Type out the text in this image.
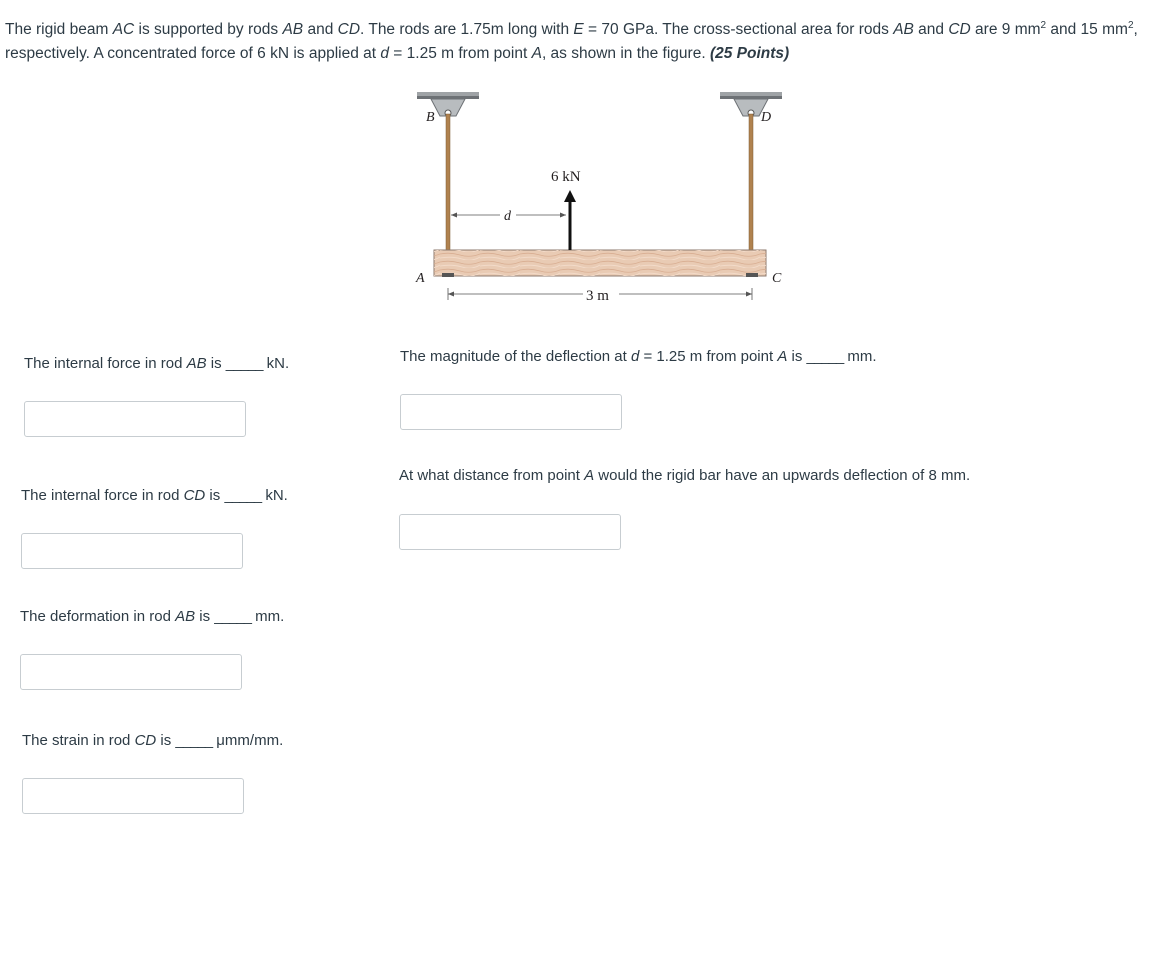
The rigid beam AC is supported by rods AB and CD. The rods are 1.75m long with E = 70 GPa. The cross-sectional area for rods AB and CD are 9 $mm^2$ and 15 $mm^2$, respectively. A concentrated force of 6 kN is applied at d = 1.25 m from point A, as shown in the figure. (25 Points)
B	D
A	C
6 kN
d
3 m
The internal force in rod AB is _____ kN.
The internal force in rod CD is _____ kN.
The deformation in rod AB is _____ mm.
The strain in rod CD is _____ μmm/mm.
The magnitude of the deflection at d = 1.25 m from point A is _____ mm.
At what distance from point A would the rigid bar have an upwards deflection of 8 mm.
